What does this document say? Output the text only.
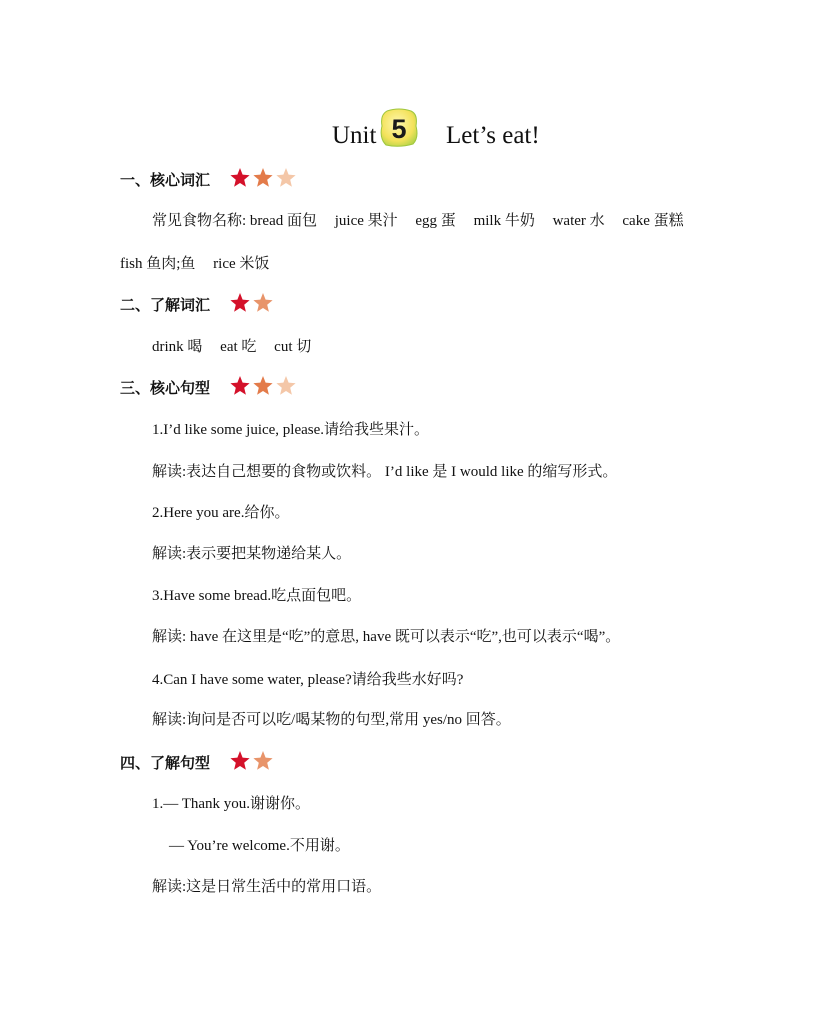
Unit 5 Let’s eat!
一、核心词汇
常见食物名称: bread 面包 juice 果汁 egg 蛋 milk 牛奶 water 水 cake 蛋糕
fish 鱼肉;鱼 rice 米饭
二、了解词汇
drink 喝 eat 吃 cut 切
三、核心句型
1.I’d like some juice, please.请给我些果汁。
解读:表达自己想要的食物或饮料。 I’d like 是 I would like 的缩写形式。
2.Here you are.给你。
解读:表示要把某物递给某人。
3.Have some bread.吃点面包吧。
解读: have 在这里是“吃”的意思, have 既可以表示“吃”,也可以表示“喝”。
4.Can I have some water, please?请给我些水好吗?
解读:询问是否可以吃/喝某物的句型,常用 yes/no 回答。
四、了解句型
1.— Thank you.谢谢你。
— You’re welcome.不用谢。
解读:这是日常生活中的常用口语。
